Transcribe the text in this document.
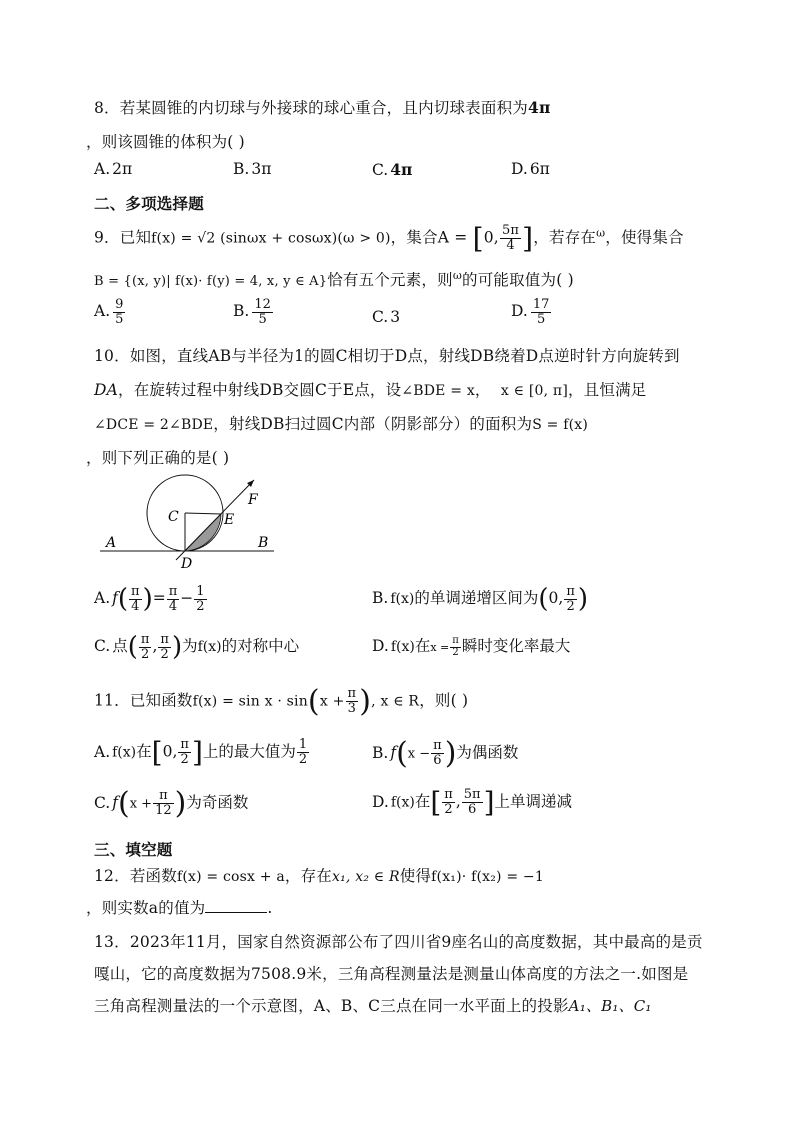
8．若某圆锥的内切球与外接球的球心重合，且内切球表面积为4π
，则该圆锥的体积为( )
A. 2π	B. 3π	C. 4π	D. 6π
二、多项选择题
9．已知f(x) = √2 (sinωx + cosωx)(ω > 0)，集合A = [0, $\frac{5\pi}{4}$ ]，若存在$^\omega$，使得集合
B = {(x, y)| f(x)· f(y) = 4, x, y ∈ A}恰有五个元素，则$^\omega$的可能取值为( )
A. $\frac{9}{5}$	B. $\frac{12}{5}$	C. 3	D. $\frac{17}{5}$
10．如图，直线AB与半径为1的圆C相切于D点，射线DB绕着D点逆时针方向旋转到
DA，在旋转过程中射线DB交圆C于E点，设∠BDE = x， x ∈ [0, π]，且恒满足
∠DCE = 2∠BDE，射线DB扫过圆C内部（阴影部分）的面积为S = f(x)
，则下列正确的是( )
C	E
F
A	B
D
A. $f( \frac{\pi}{4}$ )= $\frac{\pi}{4} - \frac{1}{2}$	B. f(x)的单调递增区间为(0, $\frac{\pi}{2}$ )
C. 点( $\frac{\pi}{2}$ , $\frac{\pi}{2}$ )为f(x)的对称中心	D. f(x)在$x = \frac{\pi}{2}$ 瞬时变化率最大
11．已知函数$f(x) = \sin x \cdot \sin(x + \frac{\pi}{3}$ ), x ∈ R，则( )
A. f(x)在[0, $\frac{\pi}{2}$ ]上的最大值为 $\frac{1}{2}$	B. $f(x - \frac{\pi}{6}$ )为偶函数
C. $f(x + \frac{\pi}{12}$ )为奇函数	D. f(x)在[ $\frac{\pi}{2}$ , $\frac{5\pi}{6}$ ]上单调递减
三、填空题
12．若函数f(x) = cosx + a，存在x₁, x₂ ∈ R使得f(x₁)· f(x₂) = −1
，则实数a的值为	.
13．2023年11月，国家自然资源部公布了四川省9座名山的高度数据，其中最高的是贡
嘎山，它的高度数据为7508.9米，三角高程测量法是测量山体高度的方法之一.如图是
三角高程测量法的一个示意图，A、B、C三点在同一水平面上的投影A₁、B₁、C₁
